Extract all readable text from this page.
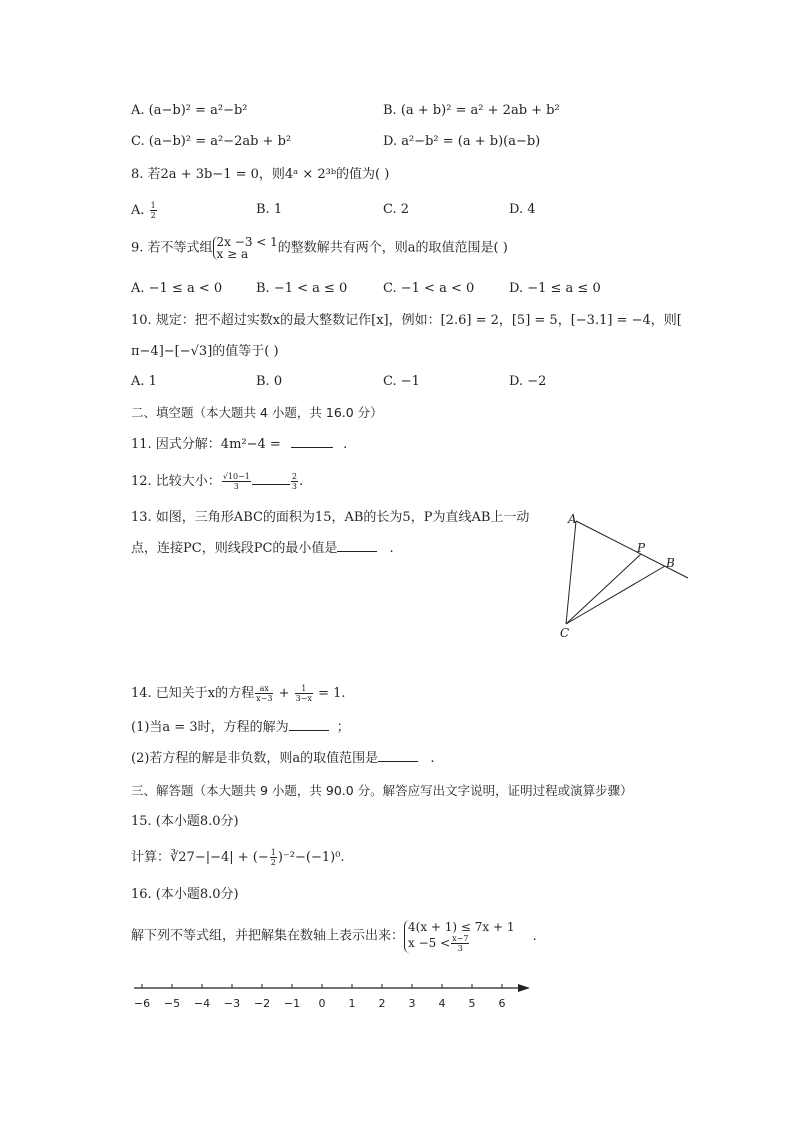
A. (a−b)² = a²−b²	B. (a + b)² = a² + 2ab + b²
C. (a−b)² = a²−2ab + b²	D. a²−b² = (a + b)(a−b)
8. 若2a + 3b−1 = 0，则4ᵃ × 2³ᵇ的值为( )
A. $\frac{1}{2}$	B. 1	C. 2	D. 4
9. 若不等式组 2x −3 < 1
x ≥ a	的整数解共有两个，则a的取值范围是( )
A. −1 ≤ a < 0	B. −1 < a ≤ 0	C. −1 < a < 0	D. −1 ≤ a ≤ 0
10. 规定：把不超过实数x的最大整数记作[x]，例如：[2.6] = 2，[5] = 5，[−3.1] = −4，则[
π−4]−[−√3]的值等于( )
A. 1	B. 0	C. −1	D. −2
二、填空题（本大题共 4 小题，共 16.0 分）
11. 因式分解：4m²−4 =	.
12. 比较大小： $\frac{√10-1}{3}$	$\frac{2}{3}$ .
13. 如图，三角形ABC的面积为15，AB的长为5，P为直线AB上一动
点，连接PC，则线段PC的最小值是	.
A
P
B
C
14. 已知关于x的方程 $\frac{ax}{x-3} + \frac{1}{3-x} = 1$.
(1)当a = 3时，方程的解为	；
(2)若方程的解是非负数，则a的取值范围是	.
三、解答题（本大题共 9 小题，共 90.0 分。解答应写出文字说明，证明过程或演算步骤）
15. (本小题8.0分)
计算：∛27−|−4| + (− $\frac{1}{2} )^{-2}-(-1)^0$.
16. (本小题8.0分)
解下列不等式组，并把解集在数轴上表示出来：
4(x + 1) ≤ 7x + 1
$x -5 < \frac{x-7}{3}$	.
−6 −5 −4 −3 −2 −1 0 1 2 3 4 5 6
